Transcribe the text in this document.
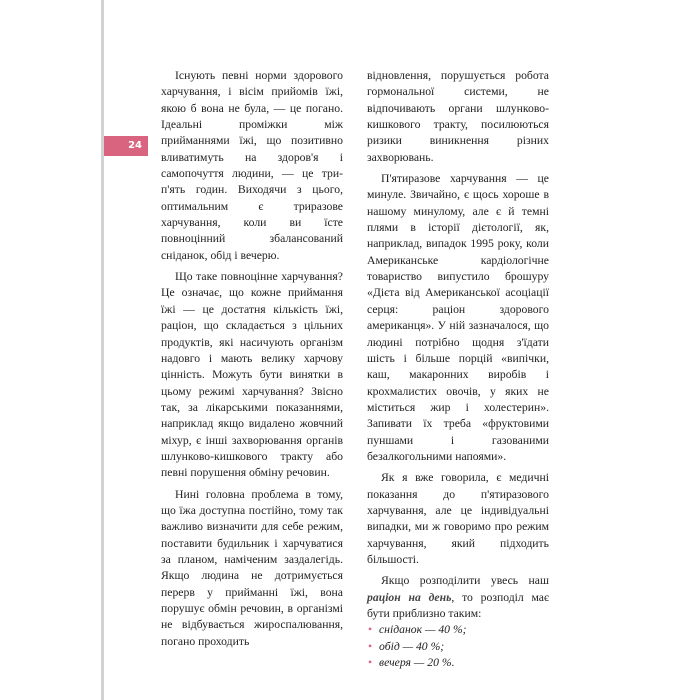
24

Існують певні норми здорового харчування, і вісім прийомів їжі, якою б вона не була, — це погано. Ідеальні проміжки між прийманнями їжі, що позитивно вливатимуть на здоров'я і самопочуття людини, — це три-п'ять годин. Виходячи з цього, оптимальним є триразове харчування, коли ви їсте повноцінний збалансований сніданок, обід і вечерю.

Що таке повноцінне харчування? Це означає, що кожне приймання їжі — це достатня кількість їжі, раціон, що складається з цільних продуктів, які насичують організм надовго і мають велику харчову цінність. Можуть бути винятки в цьому режимі харчування? Звісно так, за лікарськими показаннями, наприклад якщо видалено жовчний міхур, є інші захворювання органів шлунково-кишкового тракту або певні порушення обміну речовин.

Нині головна проблема в тому, що їжа доступна постійно, тому так важливо визначити для себе режим, поставити будильник і харчуватися за планом, наміченим заздалегідь. Якщо людина не дотримується перерв у прийманні їжі, вона порушує обмін речовин, в організмі не відбувається жироспалювання, погано проходить

відновлення, порушується робота гормональної системи, не відпочивають органи шлунково-кишкового тракту, посилюються ризики виникнення різних захворювань.

П'ятиразове харчування — це минуле. Звичайно, є щось хороше в нашому минулому, але є й темні плями в історії дієтології, як, наприклад, випадок 1995 року, коли Американське кардіологічне товариство випустило брошуру «Дієта від Американської асоціації серця: раціон здорового американця». У ній зазначалося, що людині потрібно щодня з'їдати шість і більше порцій «випічки, каш, макаронних виробів і крохмалистих овочів, у яких не міститься жир і холестерин». Запивати їх треба «фруктовими пуншами і газованими безалкогольними напоями».

Як я вже говорила, є медичні показання до п'ятиразового харчування, але це індивідуальні випадки, ми ж говоримо про режим харчування, який підходить більшості.

Якщо розподілити увесь наш раціон на день, то розподіл має бути приблизно таким:

• сніданок — 40 %;
• обід — 40 %;
• вечеря — 20 %.
